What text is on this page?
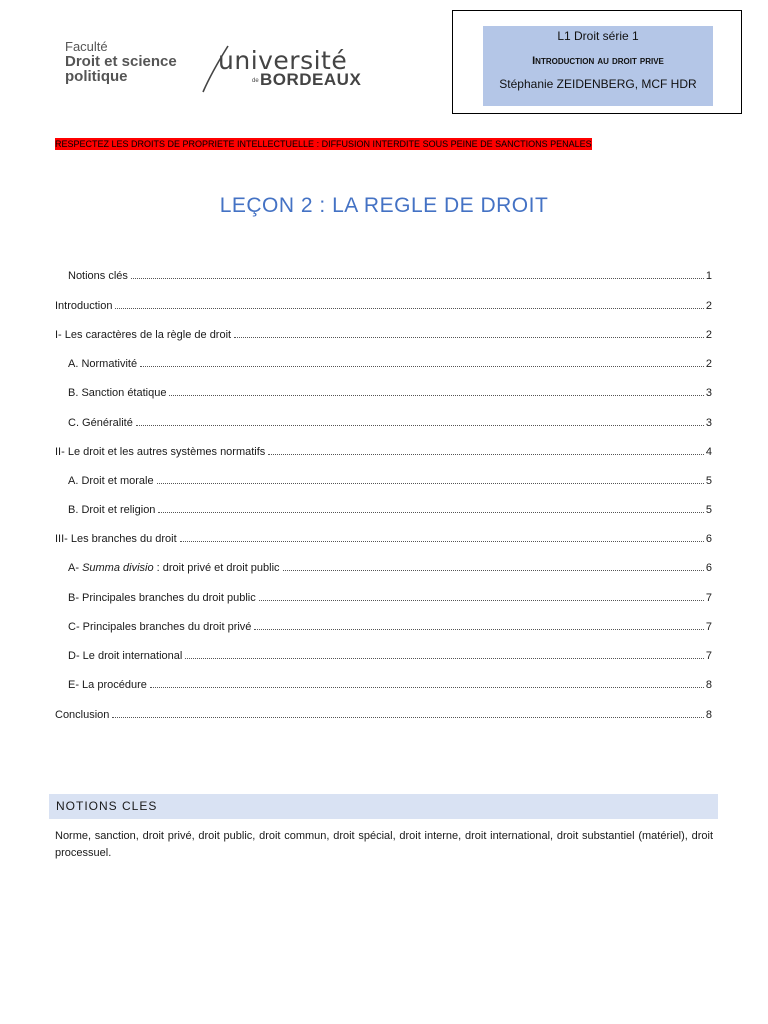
Faculté
Droit et science
politique
université
de BORDEAUX
L1 Droit série 1
Introduction au droit prive
Stéphanie ZEIDENBERG, MCF HDR
RESPECTEZ LES DROITS DE PROPRIETE INTELLECTUELLE : DIFFUSION INTERDITE SOUS PEINE DE SANCTIONS PENALES
LEÇON 2 : LA REGLE DE DROIT
Notions clés	1
Introduction	2
I- Les caractères de la règle de droit	2
A. Normativité	2
B. Sanction étatique	3
C. Généralité	3
II- Le droit et les autres systèmes normatifs	4
A. Droit et morale	5
B. Droit et religion	5
III- Les branches du droit	6
A- Summa divisio : droit privé et droit public	6
B- Principales branches du droit public	7
C- Principales branches du droit privé	7
D- Le droit international	7
E- La procédure	8
Conclusion	8
NOTIONS CLES
Norme, sanction, droit privé, droit public, droit commun, droit spécial, droit interne, droit international, droit substantiel (matériel), droit processuel.
